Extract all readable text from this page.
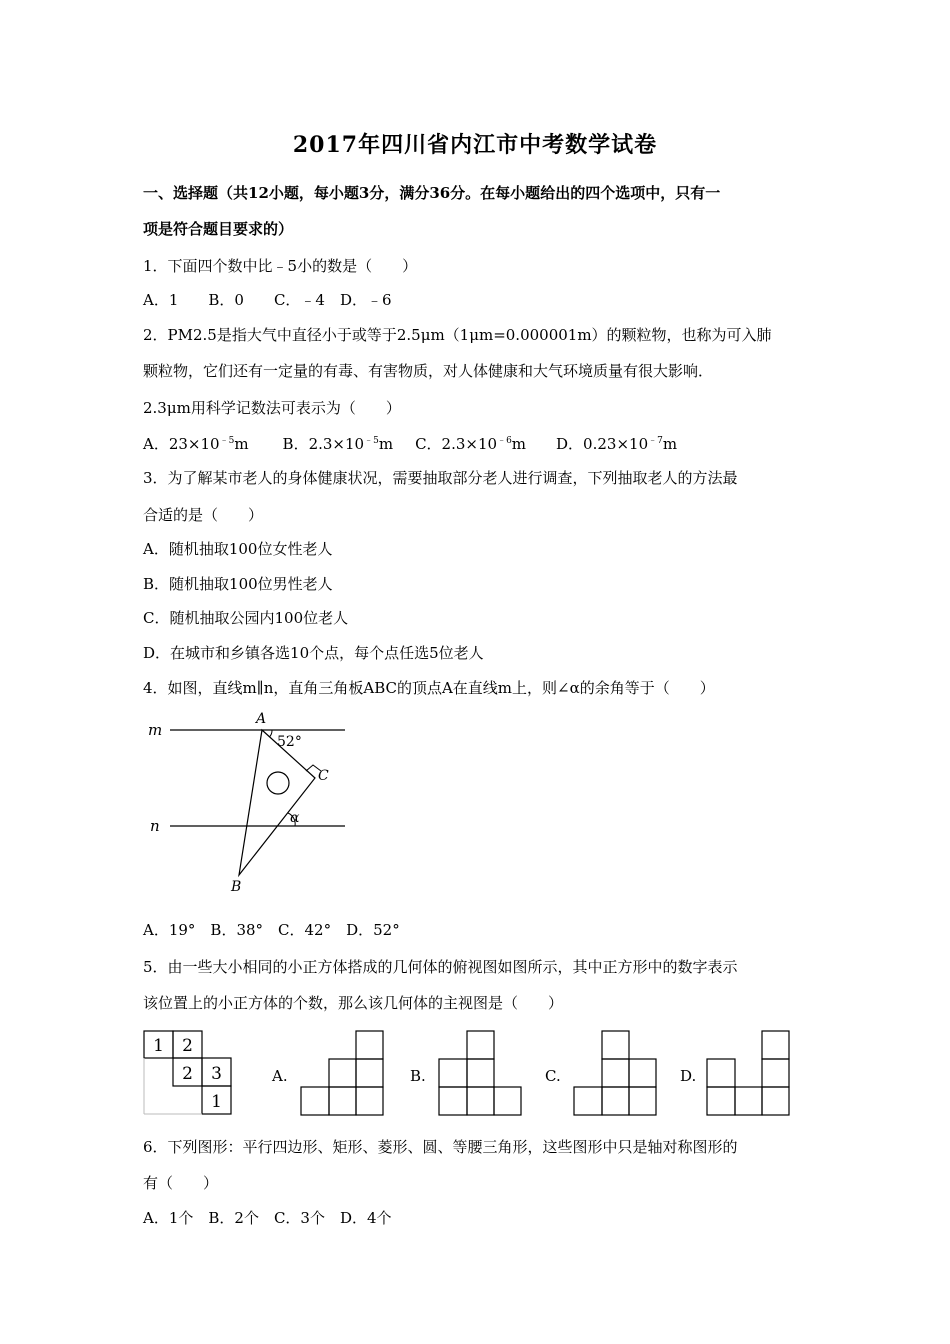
2017年四川省内江市中考数学试卷
一、选择题（共12小题，每小题3分，满分36分。在每小题给出的四个选项中，只有一
项是符合题目要求的）
1．下面四个数中比﹣5小的数是（　　）
A．1　　B．0　　C．﹣4　D．﹣6
2．PM2.5是指大气中直径小于或等于2.5μm（1μm=0.000001m）的颗粒物，也称为可入肺
颗粒物，它们还有一定量的有毒、有害物质，对人体健康和大气环境质量有很大影响．
2.3μm用科学记数法可表示为（　　）
A．$23\times 10^{﹣5}m$ B．$2.3\times 10^{﹣5}m$ C．$2.3\times 10^{﹣6}m$ D．$0.23\times 10^{﹣7}m$
3．为了解某市老人的身体健康状况，需要抽取部分老人进行调查，下列抽取老人的方法最
合适的是（　　）
A．随机抽取100位女性老人
B．随机抽取100位男性老人
C．随机抽取公园内100位老人
D．在城市和乡镇各选10个点，每个点任选5位老人
4．如图，直线m∥n，直角三角板ABC的顶点A在直线m上，则∠α的余角等于（　　）
m
n
A
C
B
52°
α
A．19°　B．38°　C．42°　D．52°
5．由一些大小相同的小正方体搭成的几何体的俯视图如图所示，其中正方形中的数字表示
该位置上的小正方体的个数，那么该几何体的主视图是（　　）
1 2
2 3
1
A.	B.	C.	D.
6．下列图形：平行四边形、矩形、菱形、圆、等腰三角形，这些图形中只是轴对称图形的
有（　　）
A．1个　B．2个　C．3个　D．4个
